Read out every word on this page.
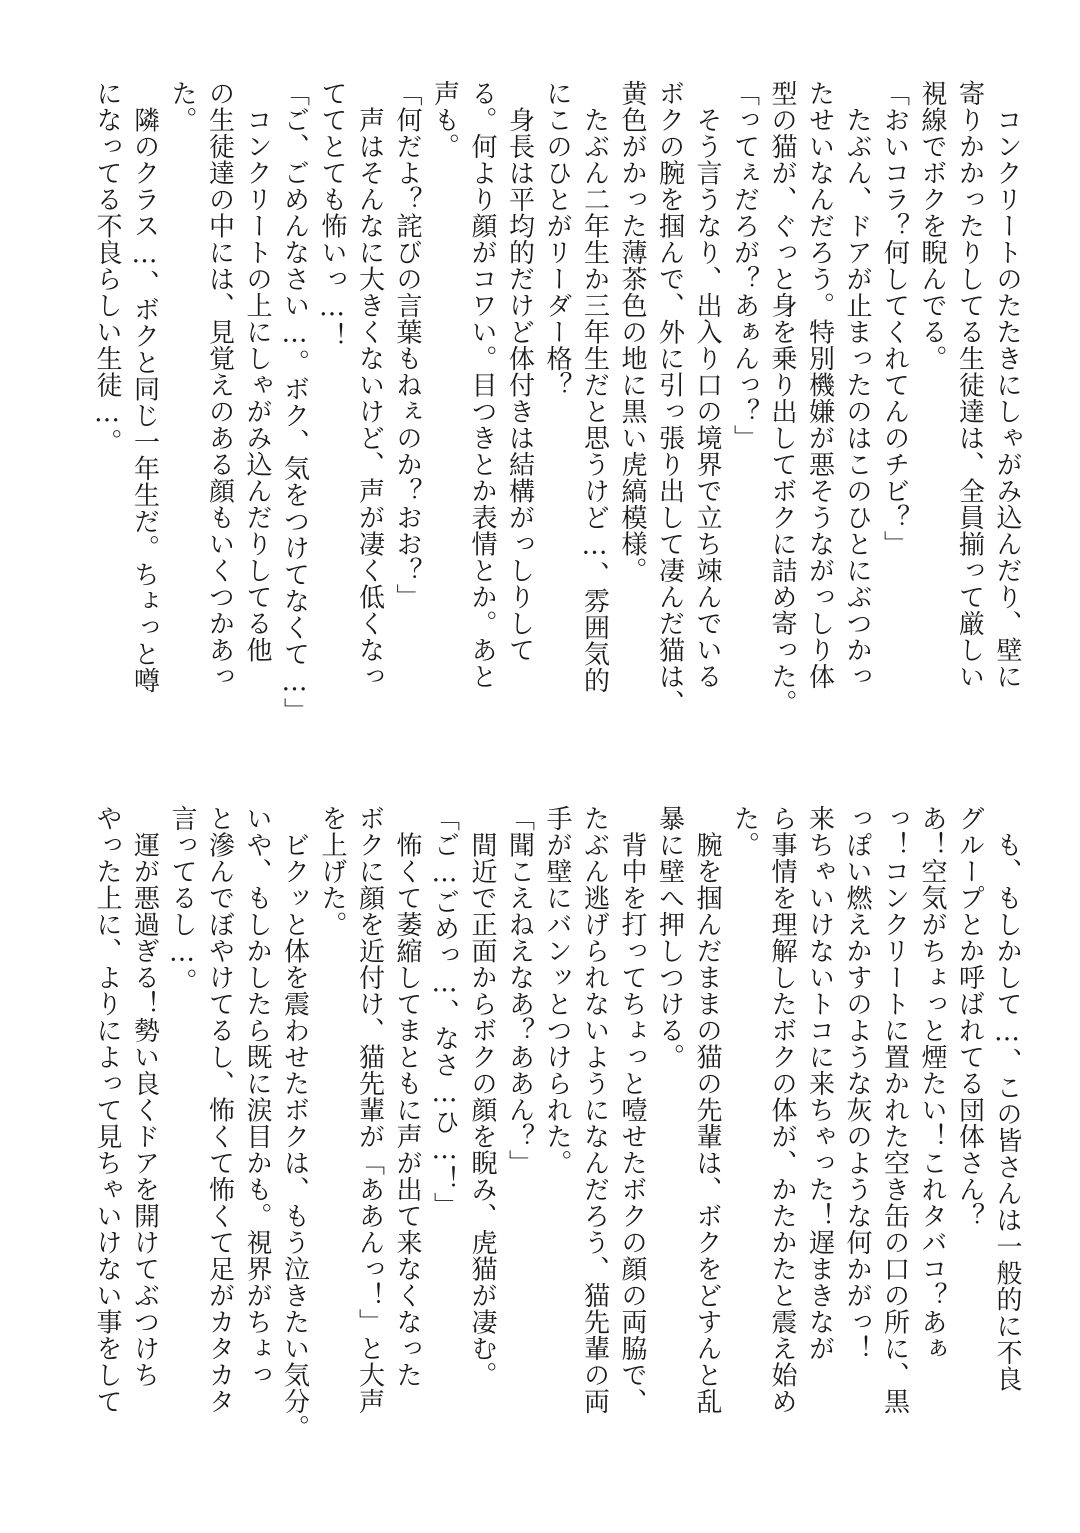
　コンクリートのたたきにしゃがみ込んだり、壁に
寄りかかったりしてる生徒達は、全員揃って厳しい
視線でボクを睨んでる。
「おいコラ？何してくれてんのチビ？」
　たぶん、ドアが止まったのはこのひとにぶつかっ
たせいなんだろう。特別機嫌が悪そうながっしり体
型の猫が、ぐっと身を乗り出してボクに詰め寄った。
「ってぇだろが？あぁんっ？」
　そう言うなり、出入り口の境界で立ち竦んでいる
ボクの腕を掴んで、外に引っ張り出して凄んだ猫は、
黄色がかった薄茶色の地に黒い虎縞模様。
　たぶん二年生か三年生だと思うけど…、雰囲気的
にこのひとがリーダー格？
　身長は平均的だけど体付きは結構がっしりして
る。何より顔がコワい。目つきとか表情とか。あと
声も。
「何だよ？詫びの言葉もねぇのか？おお？」
　声はそんなに大きくないけど、声が凄く低くなっ
ててとても怖いっ…！
「ご、ごめんなさい…。ボク、気をつけてなくて…」
　コンクリートの上にしゃがみ込んだりしてる他
の生徒達の中には、見覚えのある顔もいくつかあっ
た。
　隣のクラス…、ボクと同じ一年生だ。ちょっと噂
になってる不良らしい生徒…。
　も、もしかして…、この皆さんは一般的に不良
グループとか呼ばれてる団体さん？
あ！空気がちょっと煙たい！これタバコ？あぁ
っ！コンクリートに置かれた空き缶の口の所に、黒
っぽい燃えかすのような灰のような何かがっ！
来ちゃいけないトコに来ちゃった！遅まきなが
ら事情を理解したボクの体が、かたかたと震え始め
た。
　腕を掴んだままの猫の先輩は、ボクをどすんと乱
暴に壁へ押しつける。
　背中を打ってちょっと噎せたボクの顔の両脇で、
たぶん逃げられないようになんだろう、猫先輩の両
手が壁にバンッとつけられた。
「聞こえねえなあ？ああん？」
　間近で正面からボクの顔を睨み、虎猫が凄む。
「ご…ごめっ…、なさ…ひ…！」
　怖くて萎縮してまともに声が出て来なくなった
ボクに顔を近付け、猫先輩が「ああんっ！」と大声
を上げた。
　ビクッと体を震わせたボクは、もう泣きたい気分。
いや、もしかしたら既に涙目かも。視界がちょっ
と滲んでぼやけてるし、怖くて怖くて足がカタカタ
言ってるし…。
　運が悪過ぎる！勢い良くドアを開けてぶつけち
やった上に、よりによって見ちゃいけない事をして
